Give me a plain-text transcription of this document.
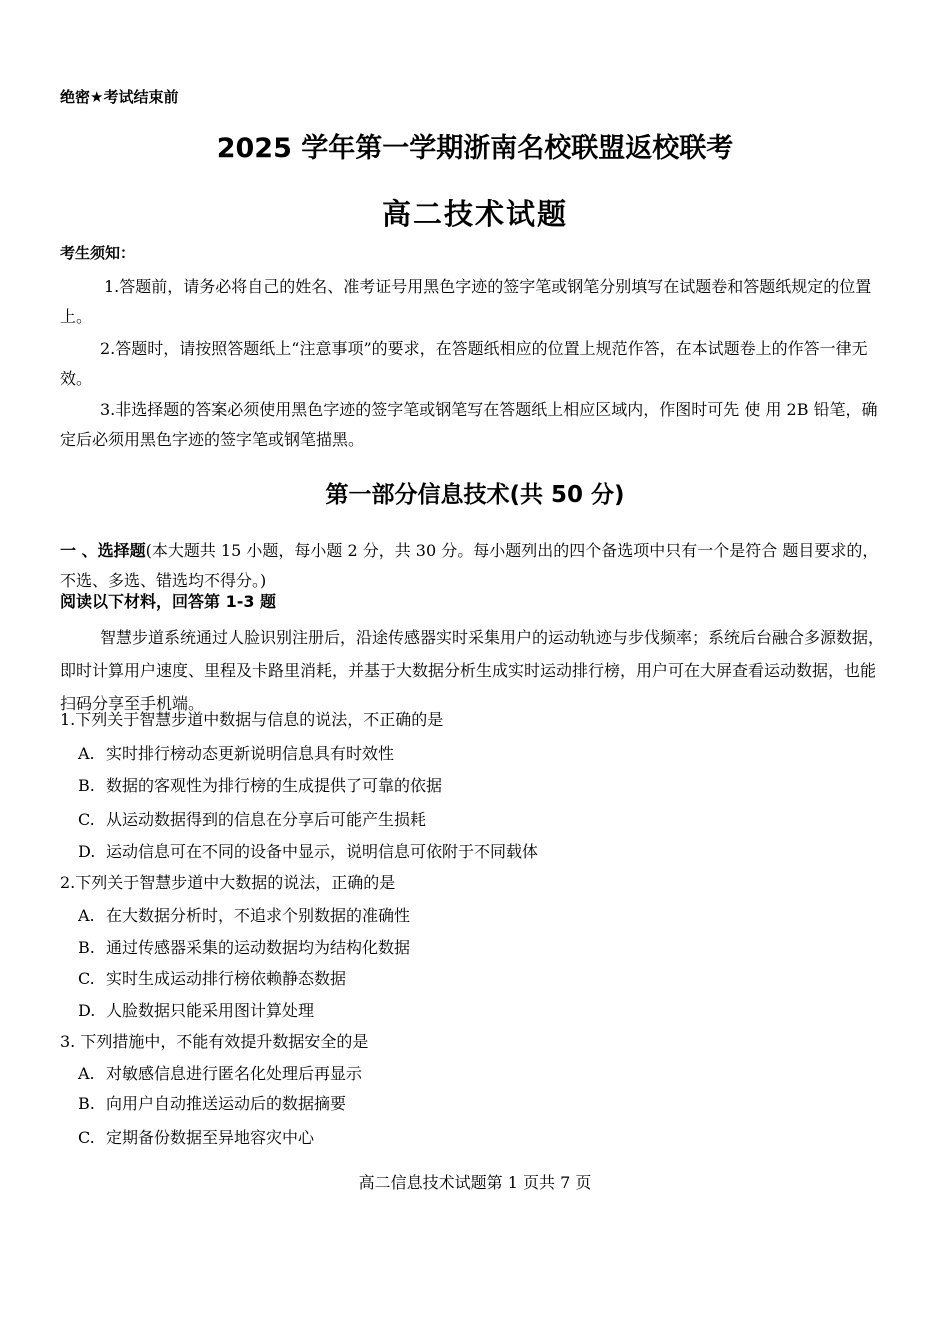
绝密★考试结束前
2025 学年第一学期浙南名校联盟返校联考
高二技术试题
考生须知：
1.答题前，请务必将自己的姓名、准考证号用黑色字迹的签字笔或钢笔分别填写在试题卷和答题纸规定的位置上。
2.答题时，请按照答题纸上“注意事项”的要求，在答题纸相应的位置上规范作答，在本试题卷上的作答一律无效。
3.非选择题的答案必须使用黑色字迹的签字笔或钢笔写在答题纸上相应区域内，作图时可先 使 用 2B 铅笔，确定后必须用黑色字迹的签字笔或钢笔描黑。
第一部分信息技术(共 50 分)
一 、选择题(本大题共 15 小题，每小题 2 分，共 30 分。每小题列出的四个备选项中只有一个是符合 题目要求的，不选、多选、错选均不得分。)
阅读以下材料，回答第 1-3 题
智慧步道系统通过人脸识别注册后，沿途传感器实时采集用户的运动轨迹与步伐频率；系统后台融合多源数据，即时计算用户速度、里程及卡路里消耗，并基于大数据分析生成实时运动排行榜，用户可在大屏查看运动数据，也能扫码分享至手机端。
1.下列关于智慧步道中数据与信息的说法，不正确的是
A. 实时排行榜动态更新说明信息具有时效性
B. 数据的客观性为排行榜的生成提供了可靠的依据
C. 从运动数据得到的信息在分享后可能产生损耗
D. 运动信息可在不同的设备中显示，说明信息可依附于不同载体
2.下列关于智慧步道中大数据的说法，正确的是
A. 在大数据分析时，不追求个别数据的准确性
B. 通过传感器采集的运动数据均为结构化数据
C. 实时生成运动排行榜依赖静态数据
D. 人脸数据只能采用图计算处理
3. 下列措施中，不能有效提升数据安全的是
A. 对敏感信息进行匿名化处理后再显示
B. 向用户自动推送运动后的数据摘要
C. 定期备份数据至异地容灾中心
高二信息技术试题第 1 页共 7 页
